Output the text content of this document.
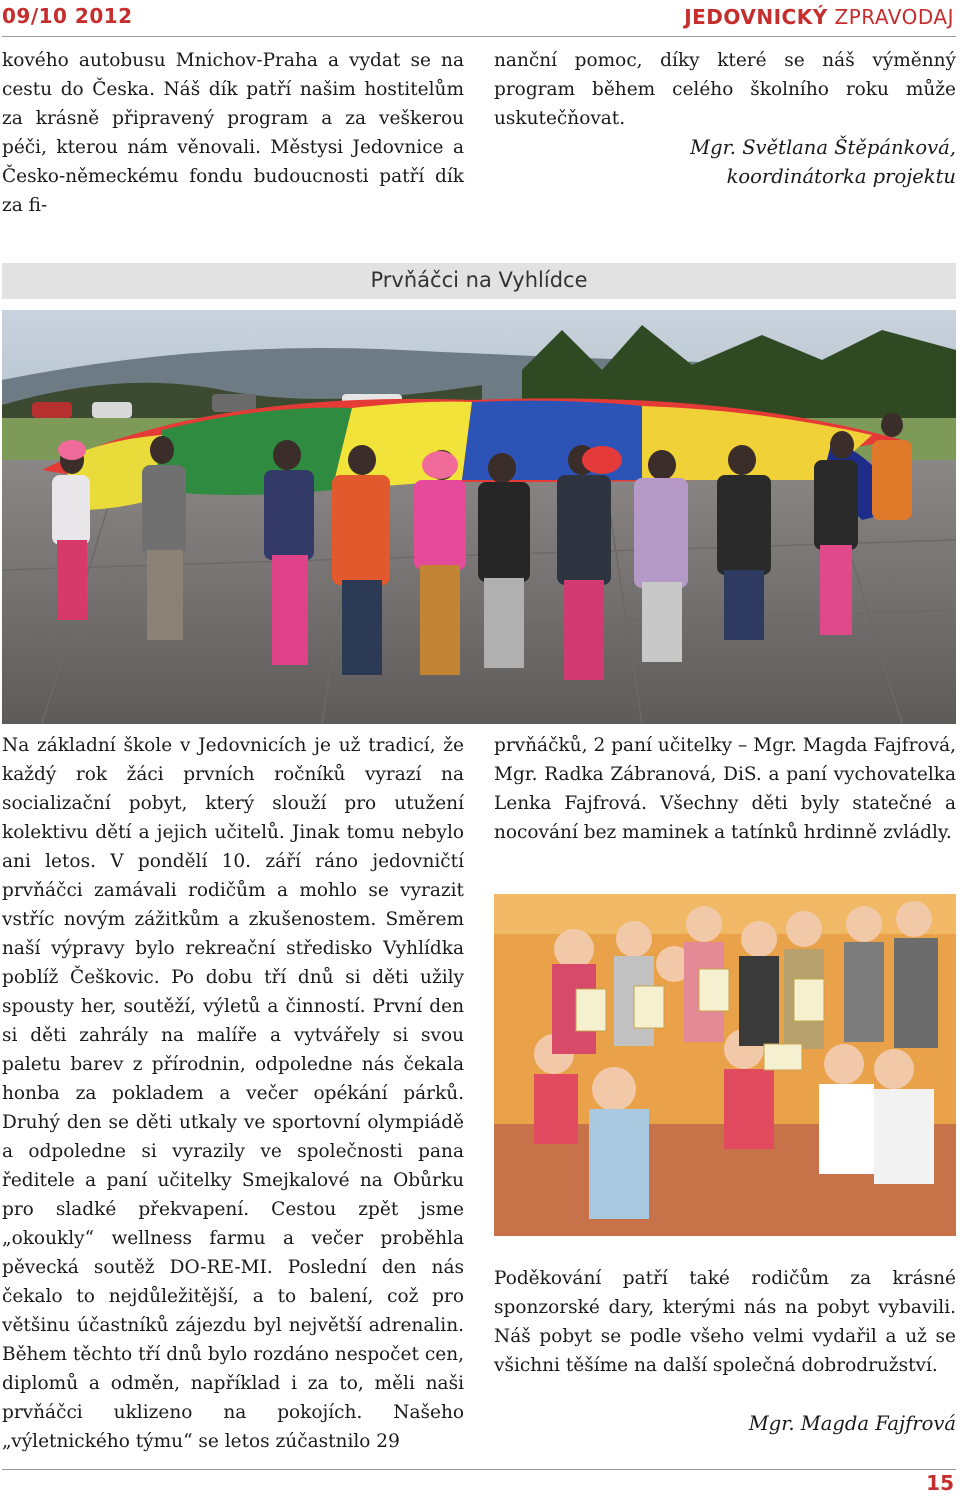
09/10 2012	JEDOVNICKÝ ZPRAVODAJ

kového autobusu Mnichov-Praha a vydat se na cestu do Česka. Náš dík patří našim hostitelům za krásně připravený program a za veškerou péči, kterou nám věnovali. Městysi Jedovnice a Česko-německému fondu budoucnosti patří dík za fi-

nanční pomoc, díky které se náš výměnný program během celého školního roku může uskutečňovat.

Mgr. Světlana Štěpánková,
koordinátorka projektu
Prvňáčci na Vyhlídce

Na základní škole v Jedovnicích je už tradicí, že každý rok žáci prvních ročníků vyrazí na socializační pobyt, který slouží pro utužení kolektivu dětí a jejich učitelů. Jinak tomu nebylo ani letos. V pondělí 10. září ráno jedovničtí prvňáčci zamávali rodičům a mohlo se vyrazit vstříc novým zážitkům a zkušenostem. Směrem naší výpravy bylo rekreační středisko Vyhlídka poblíž Češkovic. Po dobu tří dnů si děti užily spousty her, soutěží, výletů a činností. První den si děti zahrály na malíře a vytvářely si svou paletu barev z přírodnin, odpoledne nás čekala honba za pokladem a večer opékání párků. Druhý den se děti utkaly ve sportovní olympiádě a odpoledne si vyrazily ve společnosti pana ředitele a paní učitelky Smejkalové na Obůrku pro sladké překvapení. Cestou zpět jsme „okoukly“ wellness farmu a večer proběhla pěvecká soutěž DO-RE-MI. Poslední den nás čekalo to nejdůležitější, a to balení, což pro většinu účastníků zájezdu byl největší adrenalin. Během těchto tří dnů bylo rozdáno nespočet cen, diplomů a odměn, například i za to, měli naši prvňáčci uklizeno na pokojích. Našeho „výletnického týmu“ se letos zúčastnilo 29

prvňáčků, 2 paní učitelky – Mgr. Magda Fajfrová, Mgr. Radka Zábranová, DiS. a paní vychovatelka Lenka Fajfrová. Všechny děti byly statečné a nocování bez maminek a tatínků hrdinně zvládly.

Poděkování patří také rodičům za krásné sponzorské dary, kterými nás na pobyt vybavili. Náš pobyt se podle všeho velmi vydařil a už se všichni těšíme na další společná dobrodružství.

Mgr. Magda Fajfrová
15
